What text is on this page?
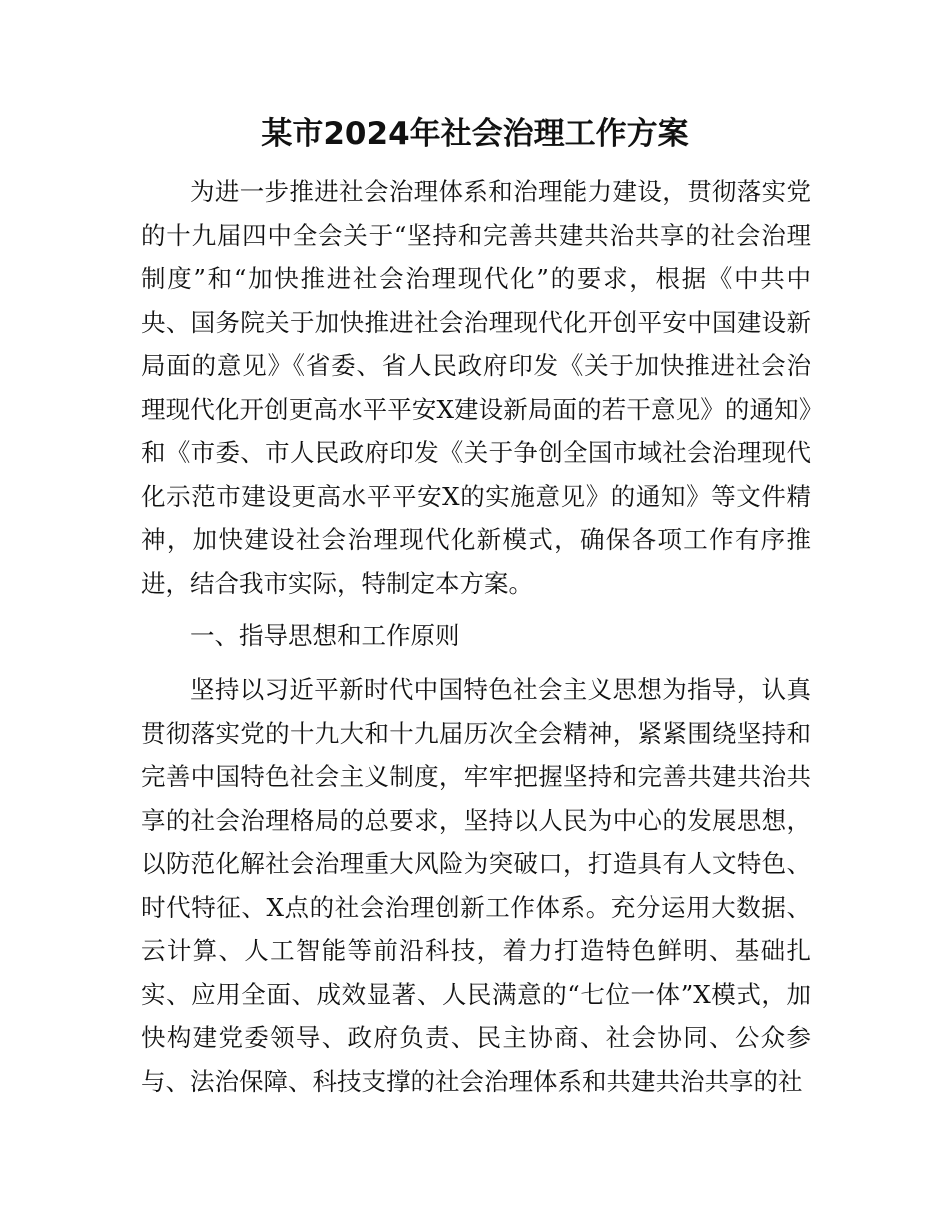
某市2024年社会治理工作方案

为进一步推进社会治理体系和治理能力建设，贯彻落实党的十九届四中全会关于“坚持和完善共建共治共享的社会治理制度”和“加快推进社会治理现代化”的要求，根据《中共中央、国务院关于加快推进社会治理现代化开创平安中国建设新局面的意见》《省委、省人民政府印发《关于加快推进社会治理现代化开创更高水平平安X建设新局面的若干意见》的通知》和《市委、市人民政府印发《关于争创全国市域社会治理现代化示范市建设更高水平平安X的实施意见》的通知》等文件精神，加快建设社会治理现代化新模式，确保各项工作有序推进，结合我市实际，特制定本方案。

一、指导思想和工作原则

坚持以习近平新时代中国特色社会主义思想为指导，认真贯彻落实党的十九大和十九届历次全会精神，紧紧围绕坚持和完善中国特色社会主义制度，牢牢把握坚持和完善共建共治共享的社会治理格局的总要求，坚持以人民为中心的发展思想，以防范化解社会治理重大风险为突破口，打造具有人文特色、时代特征、X点的社会治理创新工作体系。充分运用大数据、云计算、人工智能等前沿科技，着力打造特色鲜明、基础扎实、应用全面、成效显著、人民满意的“七位一体”X模式，加快构建党委领导、政府负责、民主协商、社会协同、公众参与、法治保障、科技支撑的社会治理体系和共建共治共享的社
